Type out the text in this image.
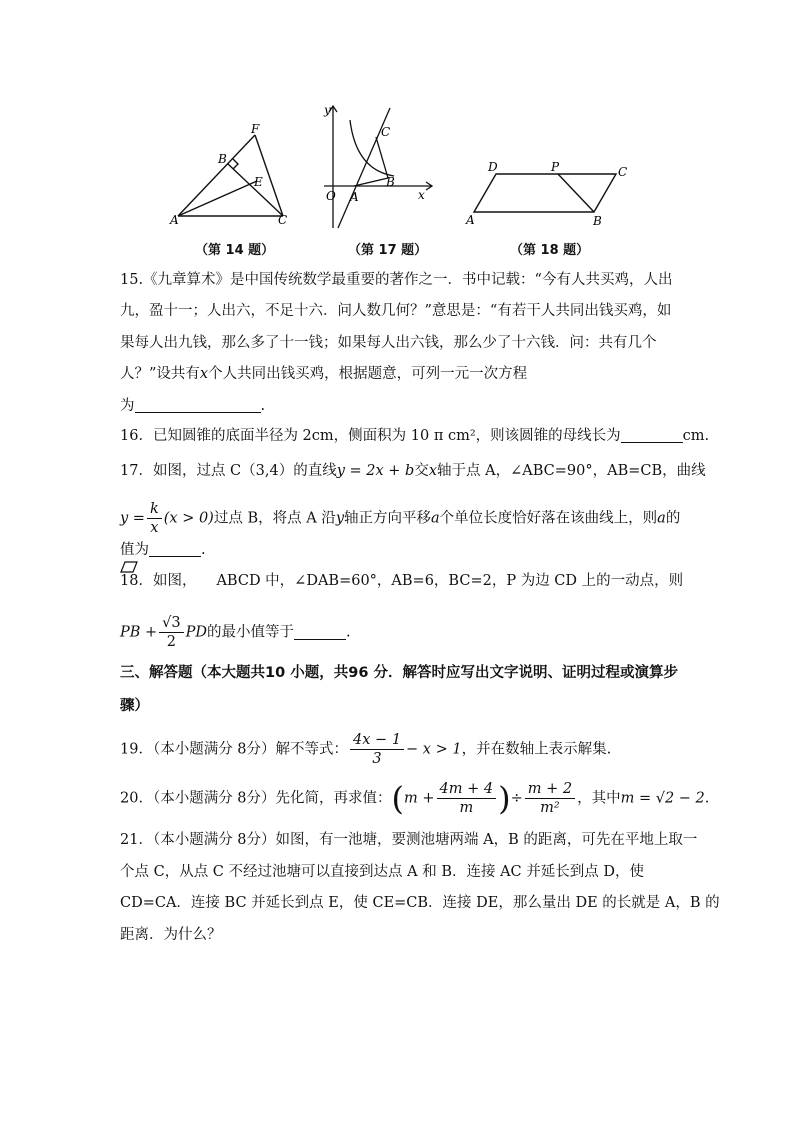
F
B
E
A	C
（第 14 题）
y
C
B
O A	x
（第 17 题）
D	P	C
A	B
（第 18 题）
15.《九章算术》是中国传统数学最重要的著作之一．书中记载：“今有人共买鸡，人出
九，盈十一；人出六，不足十六．问人数几何？”意思是：“有若干人共同出钱买鸡，如
果每人出九钱，那么多了十一钱；如果每人出六钱，那么少了十六钱．问：共有几个
人？”设共有x个人共同出钱买鸡，根据题意，可列一元一次方程
为	.
16．已知圆锥的底面半径为 2cm，侧面积为 10 π cm²，则该圆锥的母线长为	cm.
17．如图，过点 C（3,4）的直线y = 2x + b交x轴于点 A，∠ABC=90°，AB=CB，曲线
$y = \frac{k}{x} (x > 0)$过点 B，将点 A 沿y轴正方向平移a个单位长度恰好落在该曲线上，则a的
值为	.
18．如图， ABCD 中，∠DAB=60°，AB=6，BC=2，P 为边 CD 上的一动点，则
PB + $\frac{√3}{2}$ PD的最小值等于	.
三、解答题（本大题共10 小题，共96 分．解答时应写出文字说明、证明过程或演算步
骤）
19．（本小题满分 8分）解不等式： $\frac{4x - 1}{3} - x > 1$，并在数轴上表示解集.
20．（本小题满分 8分）先化简，再求值：($m + \frac{4m + 4}{m}$ )÷ $\frac{m + 2}{\text{m²}}$ ，其中m = √2 − 2.
21．（本小题满分 8分）如图，有一池塘，要测池塘两端 A，B 的距离，可先在平地上取一
个点 C，从点 C 不经过池塘可以直接到达点 A 和 B．连接 AC 并延长到点 D，使
CD=CA．连接 BC 并延长到点 E，使 CE=CB．连接 DE，那么量出 DE 的长就是 A，B 的
距离．为什么？
